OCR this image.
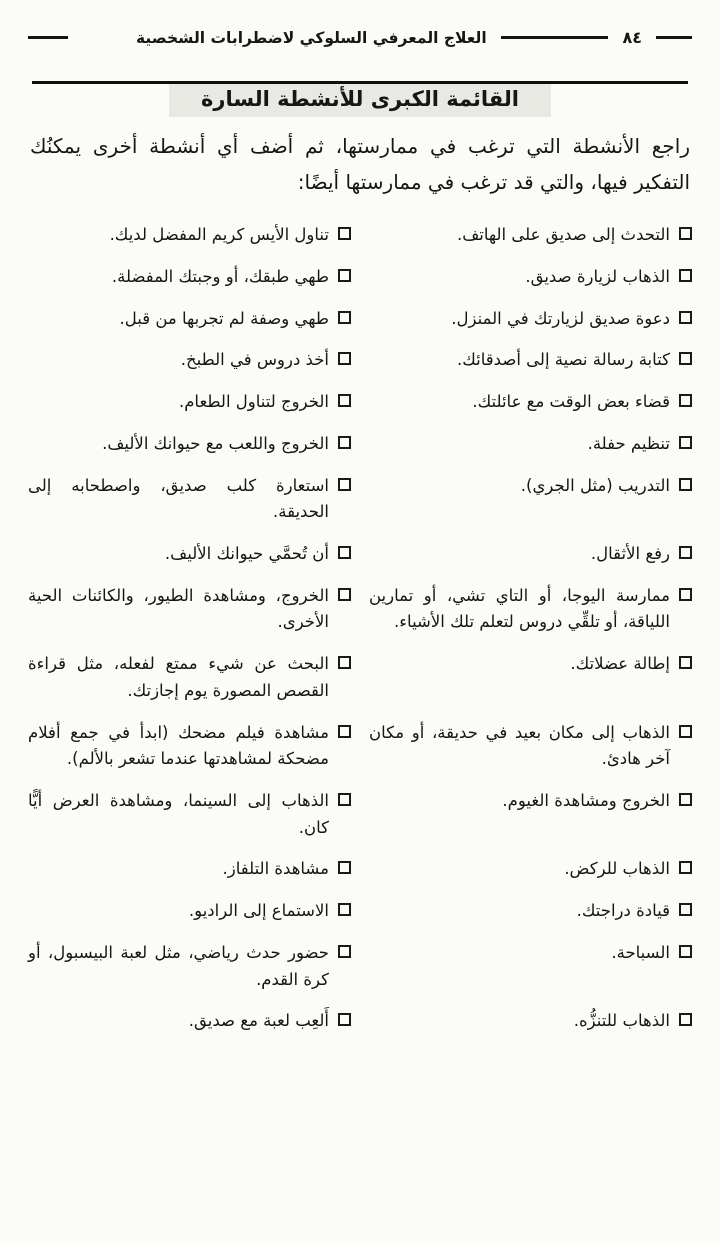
٨٤
العلاج المعرفي السلوكي لاضطرابات الشخصية
القائمة الكبرى للأنشطة السارة

راجع الأنشطة التي ترغب في ممارستها، ثم أضف أي أنشطة أخرى يمكنُك التفكير فيها، والتي قد ترغب في ممارستها أيضًا:

التحدث إلى صديق على الهاتف.
تناول الأيس كريم المفضل لديك.
الذهاب لزيارة صديق.
طهي طبقك، أو وجبتك المفضلة.
دعوة صديق لزيارتك في المنزل.
طهي وصفة لم تجربها من قبل.
كتابة رسالة نصية إلى أصدقائك.
أخذ دروس في الطبخ.
قضاء بعض الوقت مع عائلتك.
الخروج لتناول الطعام.
تنظيم حفلة.
الخروج واللعب مع حيوانك الأليف.
التدريب (مثل الجري).
استعارة كلب صديق، واصطحابه إلى الحديقة.
رفع الأثقال.
أن تُحمَّي حيوانك الأليف.
ممارسة اليوجا، أو التاي تشي، أو تمارين اللياقة، أو تلقِّي دروس لتعلم تلك الأشياء.
الخروج، ومشاهدة الطيور، والكائنات الحية الأخرى.
إطالة عضلاتك.
البحث عن شيء ممتع لفعله، مثل قراءة القصص المصورة يوم إجازتك.
الذهاب إلى مكان بعيد في حديقة، أو مكان آخر هادئ.
مشاهدة فيلم مضحك (ابدأ في جمع أفلام مضحكة لمشاهدتها عندما تشعر بالألم).
الخروج ومشاهدة الغيوم.
الذهاب إلى السينما، ومشاهدة العرض أيًّا كان.
الذهاب للركض.
مشاهدة التلفاز.
قيادة دراجتك.
الاستماع إلى الراديو.
السباحة.
حضور حدث رياضي، مثل لعبة البيسبول، أو كرة القدم.
الذهاب للتنزُّه.
أَلعِب لعبة مع صديق.
